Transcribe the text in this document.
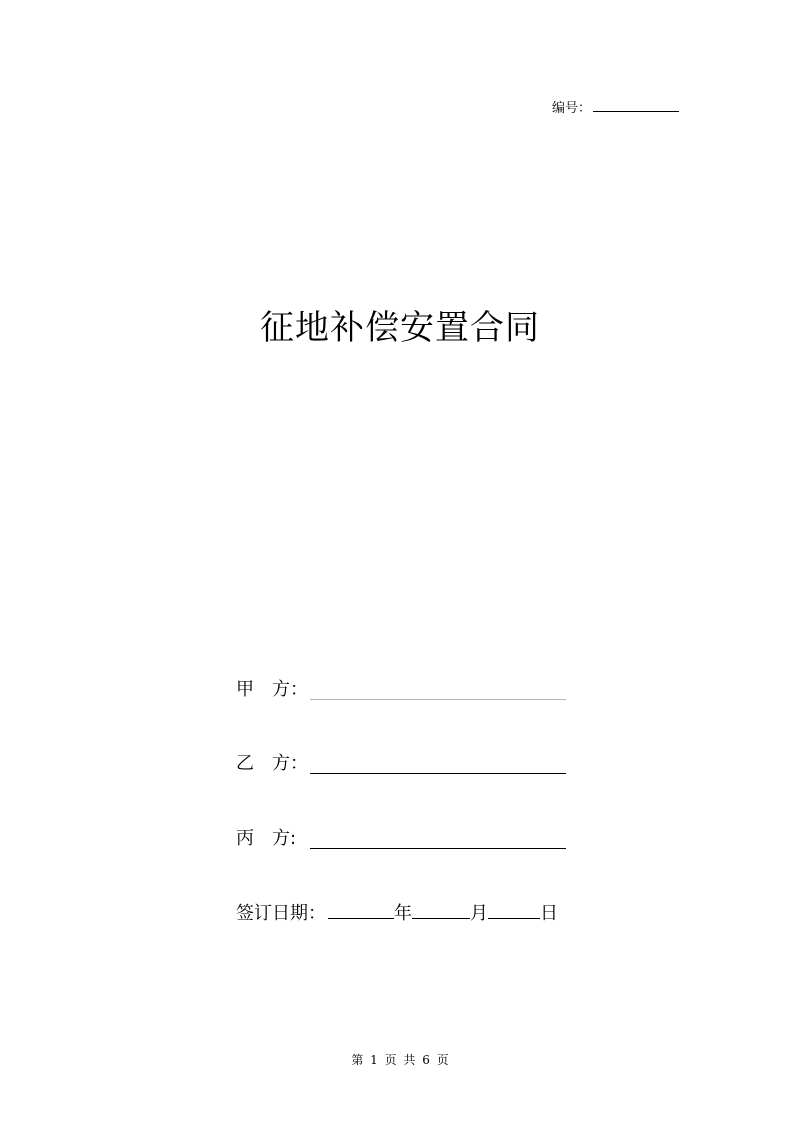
编号：
征地补偿安置合同
甲 方：
乙 方：
丙 方:
签订日期：	年	月	日
第 1 页 共 6 页
